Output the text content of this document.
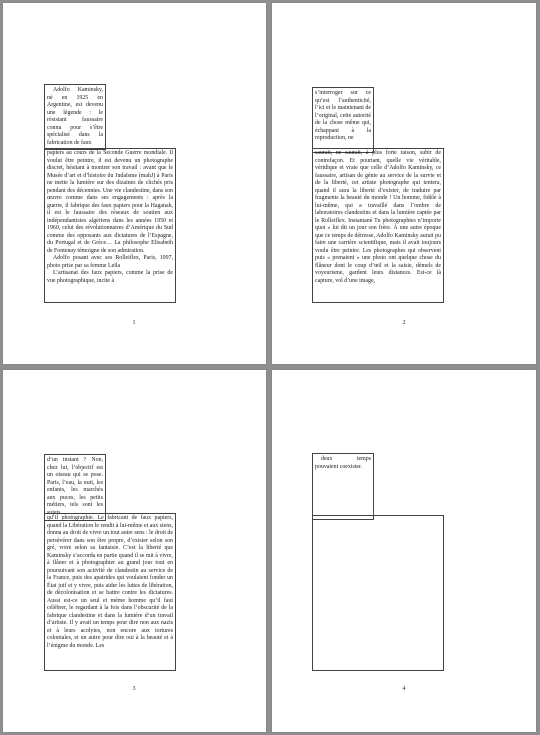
Adolfo Kaminsky, né en 1925 en Argentine, est devenu une légende : le résistant faussaire connu pour s’être spécialisé dans la fabrication de faux

papiers au cours de la Seconde Guerre mondiale. Il voulut être peintre, il est devenu un photographe discret, hésitant à montrer son travail : avant que le Musée d’art et d’histoire du Judaïsme (mahJ) à Paris ne mette la lumière sur des dizaines de clichés pris pendant des décennies. Une vie clandestine, dans son œuvre comme dans ses engagements : après la guerre, il fabrique des faux papiers pour la Haganah, il est le faussaire des réseaux de soutien aux indépendantistes algériens dans les années 1950 et 1960, celui des révolutionnaires d’Amérique du Sud comme des opposants aux dictatures de l’Espagne, du Portugal et de Grèce… La philosophe Elisabeth de Fontenay témoigne de son admiration.

Adolfo posant avec ses Rolleiflex, Paris, 1997, photo prise par sa femme Leïla

L’artisanat des faux papiers, comme la prise de vue photographique, incite à

1

s’interroger sur ce qu’est l’authenticité, l’ici et le maintenant de l’original, cette autorité de la chose même qui, échappant à la reproduction, ne

saurait, ne saurait, à plus forte raison, subir de contrefaçon. Et pourtant, quelle vie véritable, véridique et vraie que celle d’Adolfo Kaminsky, ce faussaire, artisan de génie au service de la survie et de la liberté, cet artiste photographe qui tentera, quand il aura la liberté d’exister, de traduire par fragments la beauté du monde ! Un homme, fidèle à lui-même, qui a travaillé dans l’ombre de laboratoires clandestins et dans la lumière captée par le Rolleiflex. Instantané Tu photographies n’importe quoi » lui dit un jour son frère. À une autre époque que ce temps de détresse, Adolfo Kaminsky aurait pu faire une carrière scientifique, mais il avait toujours voulu être peintre. Les photographes qui observent puis « prenaient » une photo ont quelque chose du flâneur dont le coup d’œil et la saisie, démels de voyeurisme, gardent leurs distances. Est-ce là capture, vol d’une image,

2

d’un instant ? Non, chez lui, l’objectif est un oiseau qui se pose. Paris, l’eau, la nuit, les enfants, les marchés aux puces, les petits métiers, tels sont les sujets

qu’il photographie. Le fabricant de faux papiers, quand la Libération le rendit à lui-même et aux siens, donna au droit de vivre un tout autre sens : le droit de persévérer dans son être propre, d’exister selon son gré, voire selon sa fantaisie. C’est la liberté que Kaminsky s’accorda en partie quand il se mit à vivre, à flâner et à photographier au grand jour tout en poursuivant son activité de clandestin au service de la France, puis des apatrides qui voulaient fonder un État juif et y vivre, puis aider les luttes de libération, de décolonisation et se battre contre les dictatures. Aussi est-ce un seul et même homme qu’il faut célébrer, le regardant à la fois dans l’obscurité de la fabrique clandestine et dans la lumière d’un travail d’artiste. Il y avait un temps pour dire non aux nazis et à leurs acolytes, non encore aux tortures coloniales, et un autre pour dire oui à la beauté et à l’énigme du monde. Les

3

deux temps pouvaient coexister.

4
